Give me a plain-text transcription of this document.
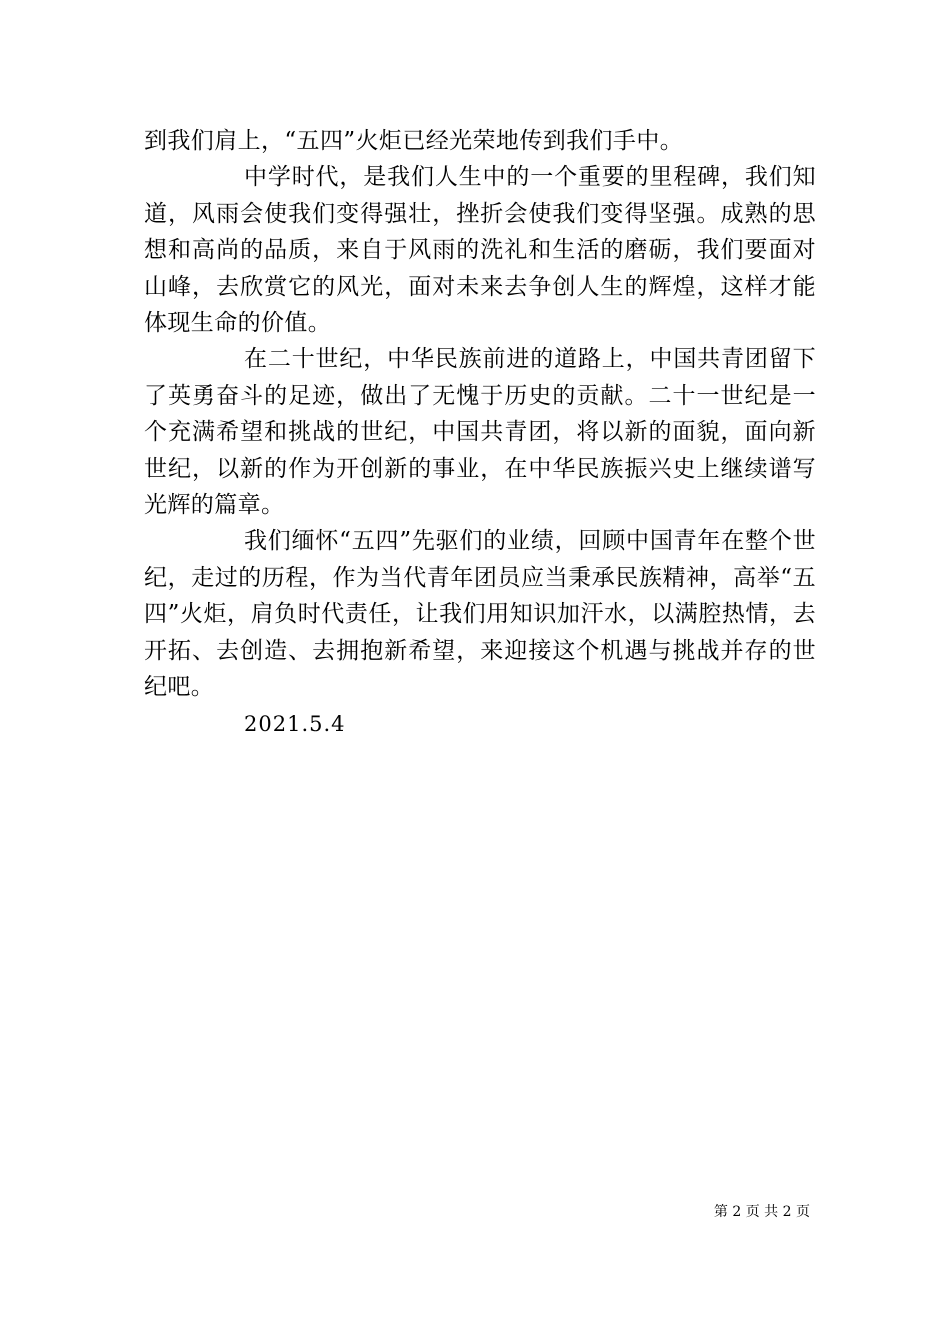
到我们肩上，“五四”火炬已经光荣地传到我们手中。

中学时代，是我们人生中的一个重要的里程碑，我们知道，风雨会使我们变得强壮，挫折会使我们变得坚强。成熟的思想和高尚的品质，来自于风雨的洗礼和生活的磨砺，我们要面对山峰，去欣赏它的风光，面对未来去争创人生的辉煌，这样才能体现生命的价值。

在二十世纪，中华民族前进的道路上，中国共青团留下了英勇奋斗的足迹，做出了无愧于历史的贡献。二十一世纪是一个充满希望和挑战的世纪，中国共青团，将以新的面貌，面向新世纪，以新的作为开创新的事业，在中华民族振兴史上继续谱写光辉的篇章。

我们缅怀“五四”先驱们的业绩，回顾中国青年在整个世纪，走过的历程，作为当代青年团员应当秉承民族精神，高举“五四”火炬，肩负时代责任，让我们用知识加汗水，以满腔热情，去开拓、去创造、去拥抱新希望，来迎接这个机遇与挑战并存的世纪吧。

2021.5.4

第 2 页 共 2 页
